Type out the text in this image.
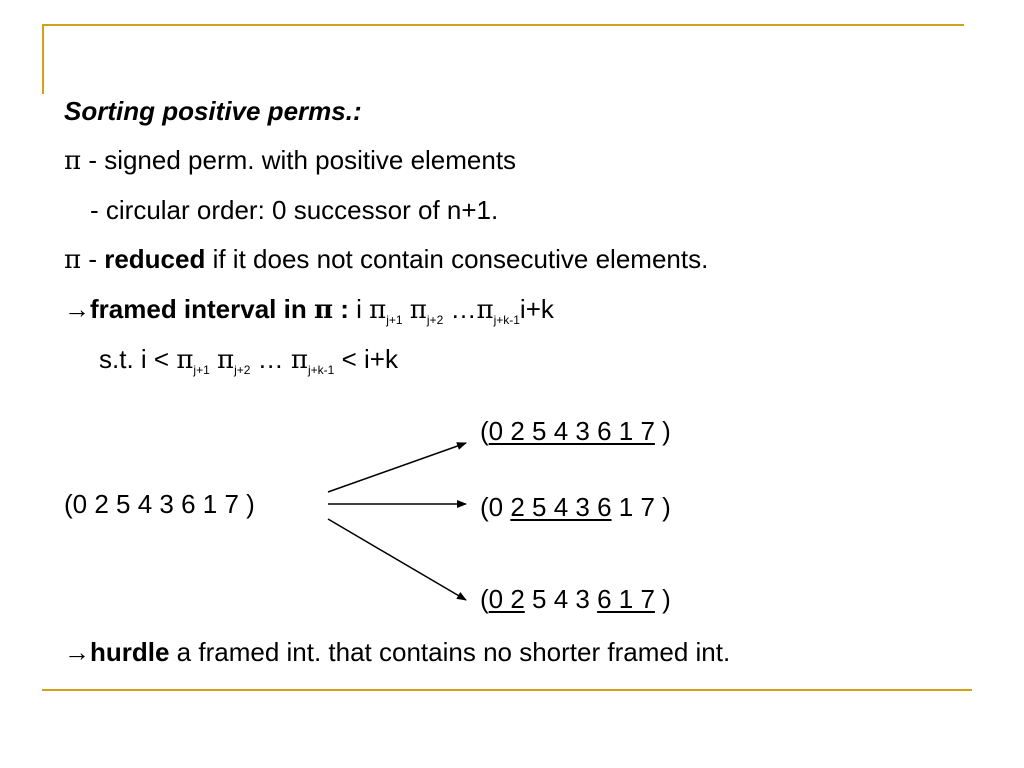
Sorting positive perms.:
π - signed perm. with positive elements
- circular order: 0 successor of n+1.
π - reduced if it does not contain consecutive elements.
→framed interval in π : i $\pi_{j+1}$ $\pi_{j+2}$ $\dots\pi_{j+k-1}i+k$
s.t. $i < \pi_{j+1}$ $\pi_{j+2}$ … $\pi_{j+k-1} < i+k$
(0 2 5 4 3 6 1 7 )
(0 2 5 4 3 6 1 7 )
(0 2 5 4 3 6 1 7 )
(0 2 5 4 3 6 1 7 )
→hurdle a framed int. that contains no shorter framed int.
